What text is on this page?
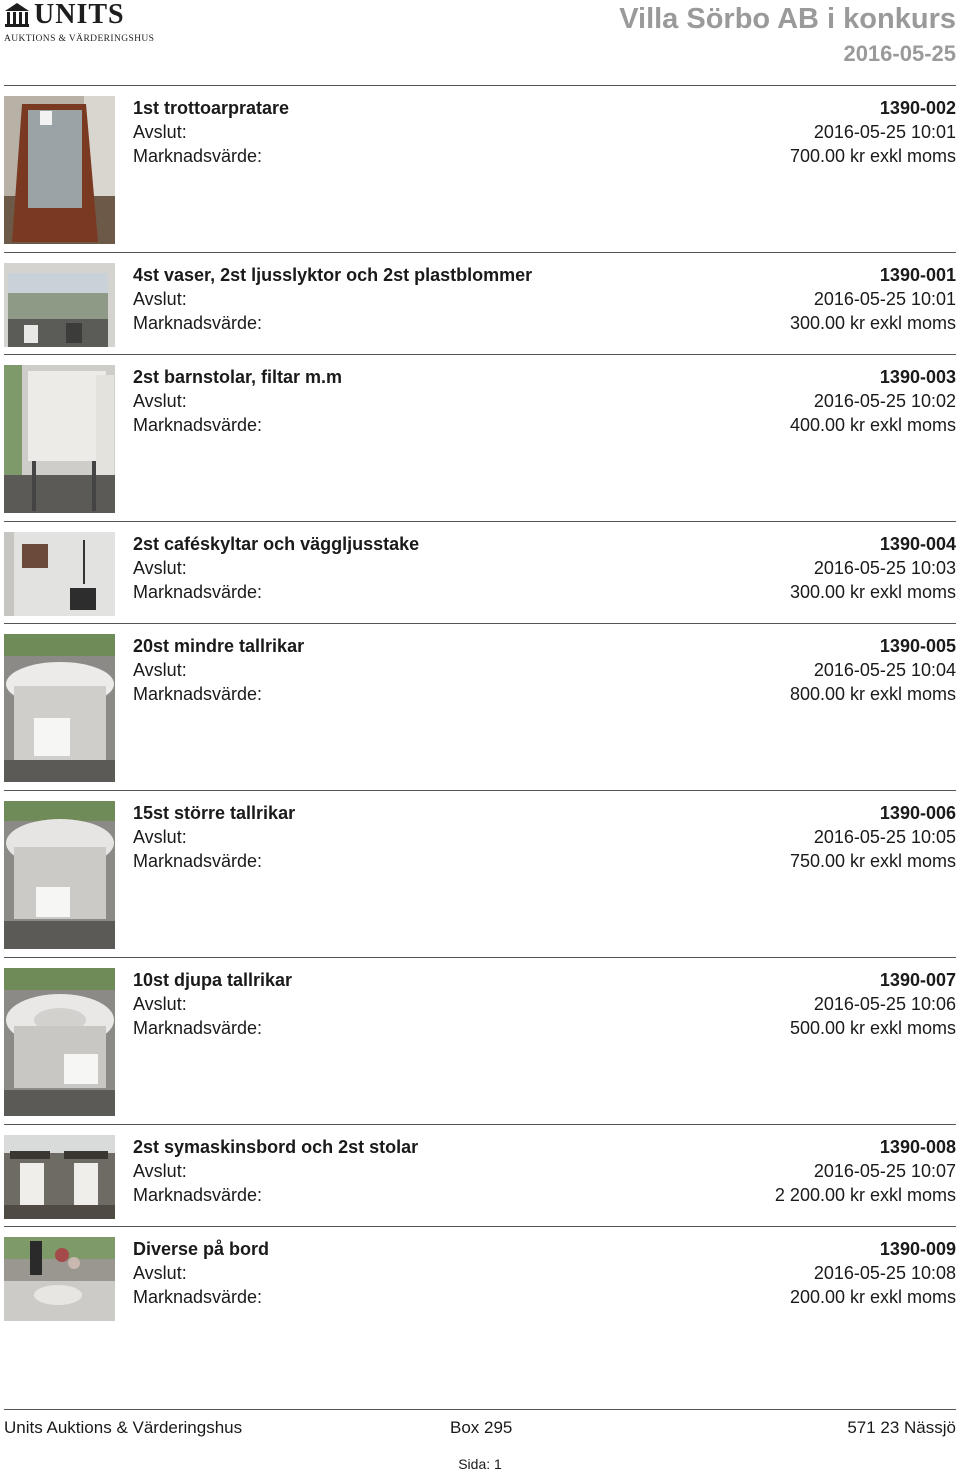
UNITS
AUKTIONS & VÄRDERINGSHUS
Villa Sörbo AB i konkurs
2016-05-25
1st trottoarpratare	1390-002
Avslut:	2016-05-25 10:01
Marknadsvärde:	700.00 kr exkl moms
4st vaser, 2st ljusslyktor och 2st plastblommer	1390-001
Avslut:	2016-05-25 10:01
Marknadsvärde:	300.00 kr exkl moms
2st barnstolar, filtar m.m	1390-003
Avslut:	2016-05-25 10:02
Marknadsvärde:	400.00 kr exkl moms
2st caféskyltar och väggljusstake	1390-004
Avslut:	2016-05-25 10:03
Marknadsvärde:	300.00 kr exkl moms
20st mindre tallrikar	1390-005
Avslut:	2016-05-25 10:04
Marknadsvärde:	800.00 kr exkl moms
15st större tallrikar	1390-006
Avslut:	2016-05-25 10:05
Marknadsvärde:	750.00 kr exkl moms
10st djupa tallrikar	1390-007
Avslut:	2016-05-25 10:06
Marknadsvärde:	500.00 kr exkl moms
2st symaskinsbord och 2st stolar	1390-008
Avslut:	2016-05-25 10:07
Marknadsvärde:	2 200.00 kr exkl moms
Diverse på bord	1390-009
Avslut:	2016-05-25 10:08
Marknadsvärde:	200.00 kr exkl moms
Units Auktions & Värderingshus	Box 295	571 23 Nässjö
Sida: 1
